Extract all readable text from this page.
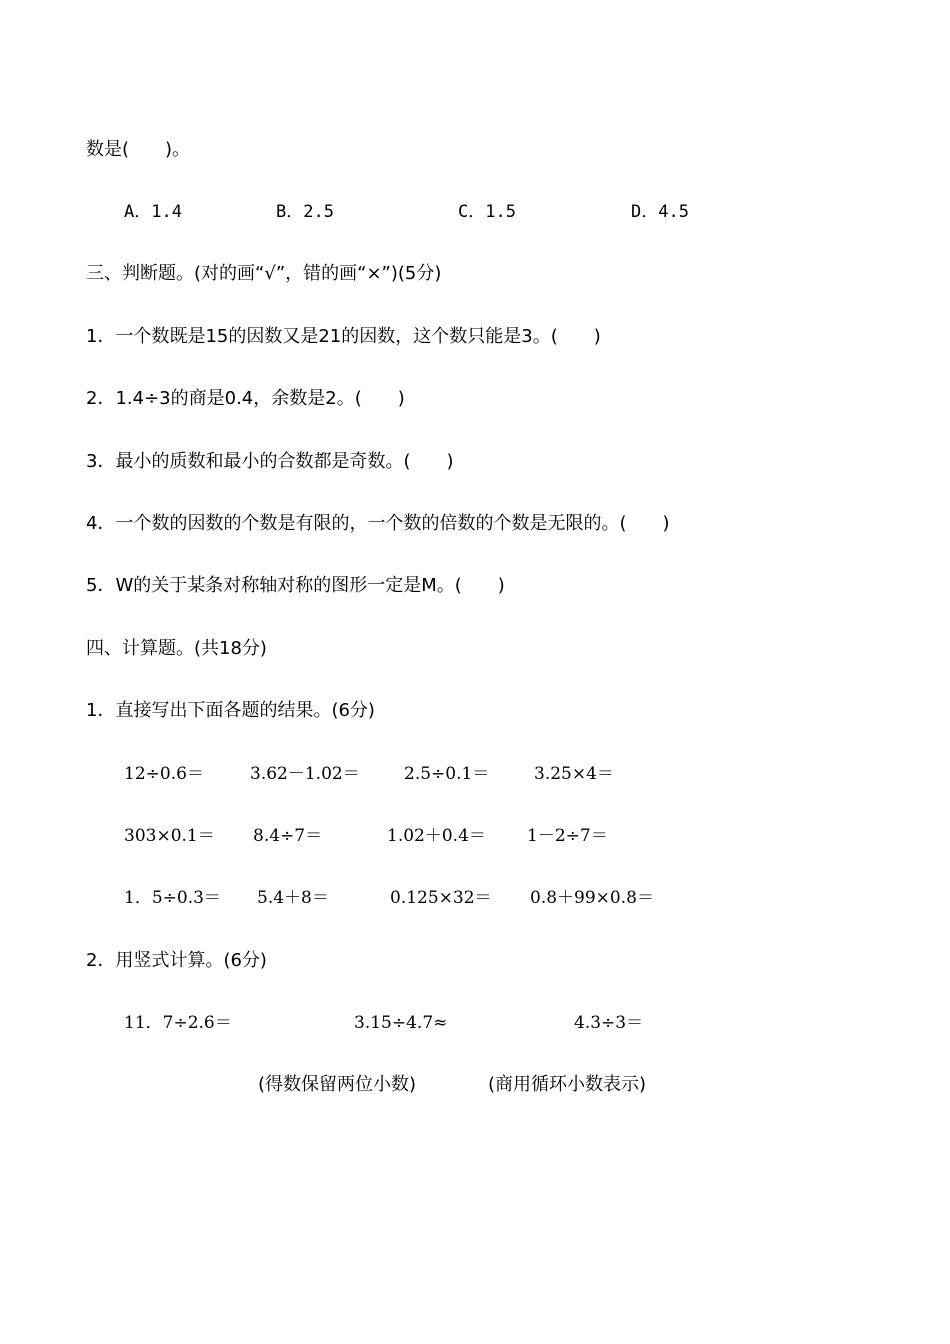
数是(　　)。
A．1.4	B．2.5	C．1.5	D．4.5
三、判断题。(对的画“√”，错的画“×”)(5分)
1．一个数既是15的因数又是21的因数，这个数只能是3。(　　)
2．1.4÷3的商是0.4，余数是2。(　　)
3．最小的质数和最小的合数都是奇数。(　　)
4．一个数的因数的个数是有限的，一个数的倍数的个数是无限的。(　　)
5．W的关于某条对称轴对称的图形一定是M。(　　)
四、计算题。(共18分)
1．直接写出下面各题的结果。(6分)
12÷0.6＝	3.62－1.02＝	2.5÷0.1＝	3.25×4＝
303×0.1＝ 8.4÷7＝	1.02＋0.4＝ 1－2÷7＝
1．5÷0.3＝ 5.4＋8＝	0.125×32＝ 0.8＋99×0.8＝
2．用竖式计算。(6分)
11．7÷2.6＝	3.15÷4.7≈	4.3÷3＝
(得数保留两位小数)	(商用循环小数表示)
